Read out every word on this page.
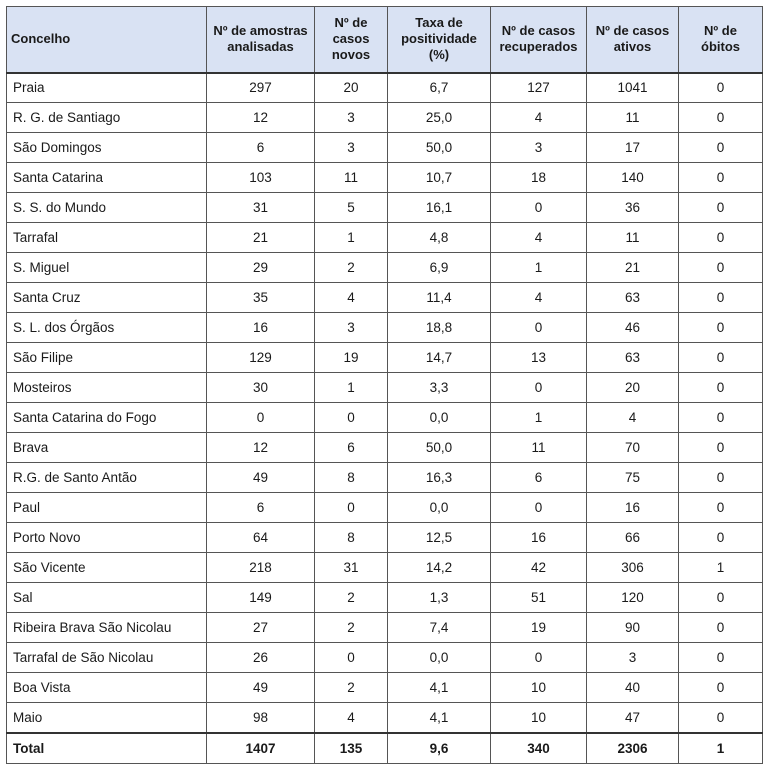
Concelho	Nº de amostras analisadas	Nº de casos novos	Taxa de positividade (%)	Nº de casos recuperados	Nº de casos ativos	Nº de óbitos
Praia	297	20	6,7	127	1041	0
R. G. de Santiago	12	3	25,0	4	11	0
São Domingos	6	3	50,0	3	17	0
Santa Catarina	103	11	10,7	18	140	0
S. S. do Mundo	31	5	16,1	0	36	0
Tarrafal	21	1	4,8	4	11	0
S. Miguel	29	2	6,9	1	21	0
Santa Cruz	35	4	11,4	4	63	0
S. L. dos Órgãos	16	3	18,8	0	46	0
São Filipe	129	19	14,7	13	63	0
Mosteiros	30	1	3,3	0	20	0
Santa Catarina do Fogo	0	0	0,0	1	4	0
Brava	12	6	50,0	11	70	0
R.G. de Santo Antão	49	8	16,3	6	75	0
Paul	6	0	0,0	0	16	0
Porto Novo	64	8	12,5	16	66	0
São Vicente	218	31	14,2	42	306	1
Sal	149	2	1,3	51	120	0
Ribeira Brava São Nicolau	27	2	7,4	19	90	0
Tarrafal de São Nicolau	26	0	0,0	0	3	0
Boa Vista	49	2	4,1	10	40	0
Maio	98	4	4,1	10	47	0
Total	1407	135	9,6	340	2306	1
